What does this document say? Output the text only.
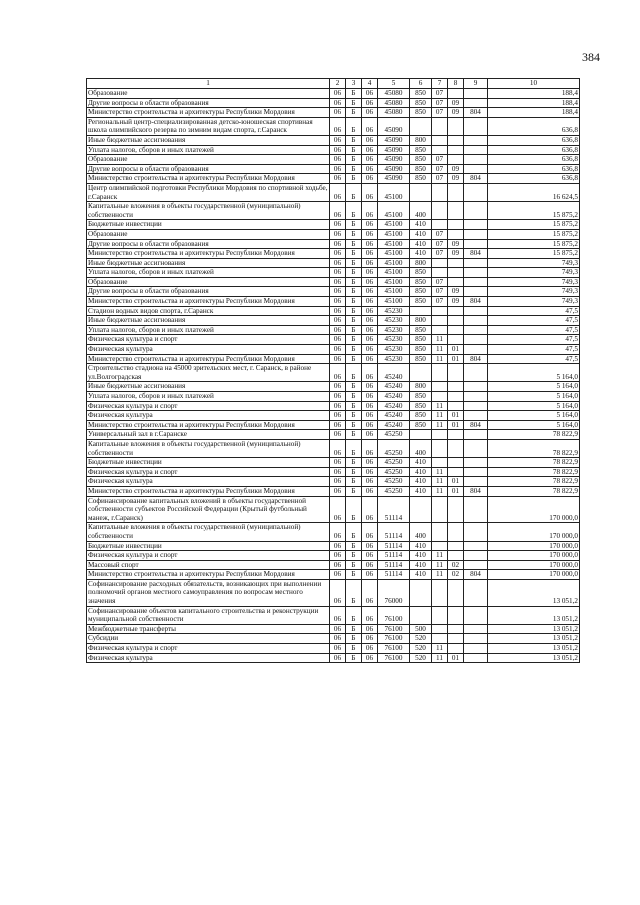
384
1	2	3	4	5	6	7	8	9	10
Образование	06	Б	06	45080	850	07			188,4
Другие вопросы в области образования	06	Б	06	45080	850	07	09		188,4
Министерство строительства и архитектуры Республики Мордовия	06	Б	06	45080	850	07	09	804	188,4
Региональный центр-специализированная детско-юношеская спортивная школа олимпийского резерва по зимним видам спорта, г.Саранск	06	Б	06	45090					636,8
Иные бюджетные ассигнования	06	Б	06	45090	800				636,8
Уплата налогов, сборов и иных платежей	06	Б	06	45090	850				636,8
Образование	06	Б	06	45090	850	07			636,8
Другие вопросы в области образования	06	Б	06	45090	850	07	09		636,8
Министерство строительства и архитектуры Республики Мордовия	06	Б	06	45090	850	07	09	804	636,8
Центр олимпийской подготовки Республики Мордовия по спортивной ходьбе, г.Саранск	06	Б	06	45100					16 624,5
Капитальные вложения в объекты государственной (муниципальной) собственности	06	Б	06	45100	400				15 875,2
Бюджетные инвестиции	06	Б	06	45100	410				15 875,2
Образование	06	Б	06	45100	410	07			15 875,2
Другие вопросы в области образования	06	Б	06	45100	410	07	09		15 875,2
Министерство строительства и архитектуры Республики Мордовия	06	Б	06	45100	410	07	09	804	15 875,2
Иные бюджетные ассигнования	06	Б	06	45100	800				749,3
Уплата налогов, сборов и иных платежей	06	Б	06	45100	850				749,3
Образование	06	Б	06	45100	850	07			749,3
Другие вопросы в области образования	06	Б	06	45100	850	07	09		749,3
Министерство строительства и архитектуры Республики Мордовия	06	Б	06	45100	850	07	09	804	749,3
Стадион водных видов спорта, г.Саранск	06	Б	06	45230					47,5
Иные бюджетные ассигнования	06	Б	06	45230	800				47,5
Уплата налогов, сборов и иных платежей	06	Б	06	45230	850				47,5
Физическая культура и спорт	06	Б	06	45230	850	11			47,5
Физическая культура	06	Б	06	45230	850	11	01		47,5
Министерство строительства и архитектуры Республики Мордовия	06	Б	06	45230	850	11	01	804	47,5
Строительство стадиона на 45000 зрительских мест, г. Саранск, в районе ул.Волгоградская	06	Б	06	45240					5 164,0
Иные бюджетные ассигнования	06	Б	06	45240	800				5 164,0
Уплата налогов, сборов и иных платежей	06	Б	06	45240	850				5 164,0
Физическая культура и спорт	06	Б	06	45240	850	11			5 164,0
Физическая культура	06	Б	06	45240	850	11	01		5 164,0
Министерство строительства и архитектуры Республики Мордовия	06	Б	06	45240	850	11	01	804	5 164,0
Универсальный зал в г.Саранске	06	Б	06	45250					78 822,9
Капитальные вложения в объекты государственной (муниципальной) собственности	06	Б	06	45250	400				78 822,9
Бюджетные инвестиции	06	Б	06	45250	410				78 822,9
Физическая культура и спорт	06	Б	06	45250	410	11			78 822,9
Физическая культура	06	Б	06	45250	410	11	01		78 822,9
Министерство строительства и архитектуры Республики Мордовия	06	Б	06	45250	410	11	01	804	78 822,9
Софинансирование капитальных вложений в объекты государственной собственности субъектов Российской Федерации (Крытый футбольный манеж, г.Саранск)	06	Б	06	51114					170 000,0
Капитальные вложения в объекты государственной (муниципальной) собственности	06	Б	06	51114	400				170 000,0
Бюджетные инвестиции	06	Б	06	51114	410				170 000,0
Физическая культура и спорт	06	Б	06	51114	410	11			170 000,0
Массовый спорт	06	Б	06	51114	410	11	02		170 000,0
Министерство строительства и архитектуры Республики Мордовия	06	Б	06	51114	410	11	02	804	170 000,0
Софинансирование расходных обязательств, возникающих при выполнении полномочий органов местного самоуправления по вопросам местного значения	06	Б	06	76000					13 051,2
Софинансирование объектов капитального строительства и реконструкции муниципальной собственности	06	Б	06	76100					13 051,2
Межбюджетные трансферты	06	Б	06	76100	500				13 051,2
Субсидии	06	Б	06	76100	520				13 051,2
Физическая культура и спорт	06	Б	06	76100	520	11			13 051,2
Физическая культура	06	Б	06	76100	520	11	01		13 051,2
